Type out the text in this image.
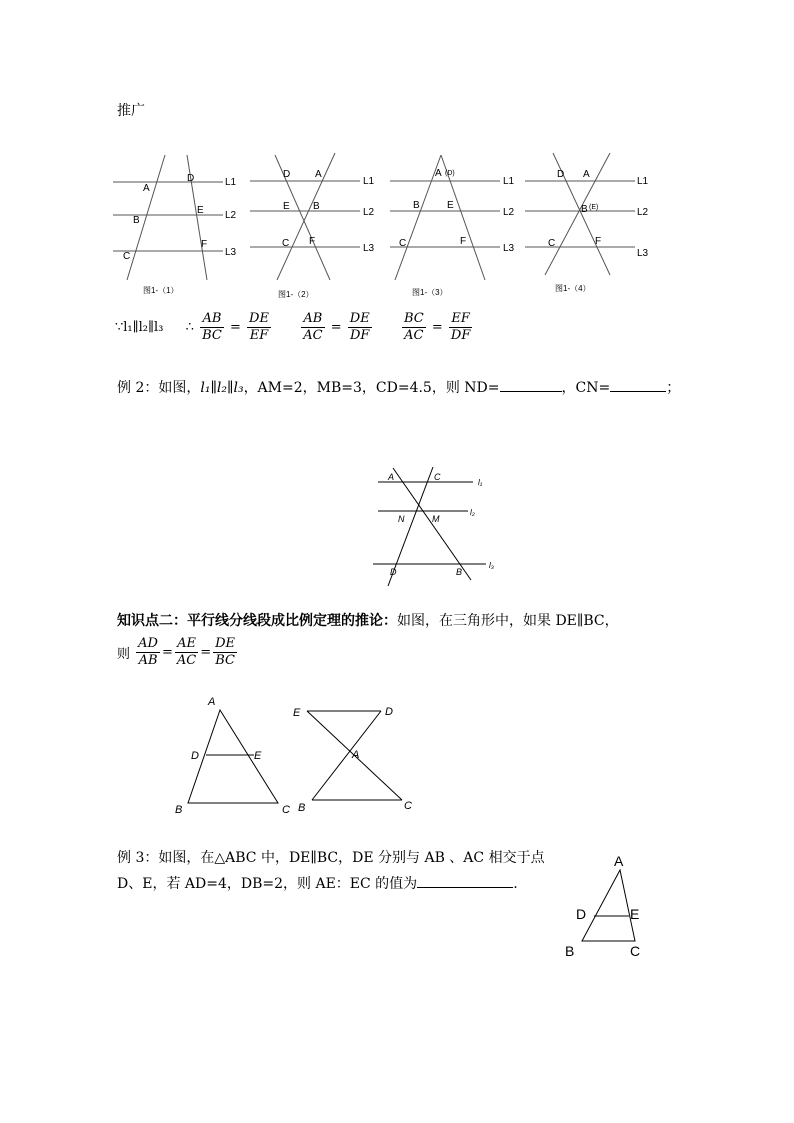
推广
A
B
C
D
E
F
L1
L2
L3
D A
E B
C F
L1
L2
L3
A (D)
B	E
C	F
L1
L2
L3
D A
B (E)
C	F
L1
L2
L3
图1-（1）	图1-（2）	图1-（3）	图1-（4）
∵l₁∥l₂∥l₃ ∴ $\frac{AB}{BC} = \frac{DE}{EF}$
$\frac{AB}{AC} = \frac{DE}{DF}$
$\frac{BC}{AC} = \frac{EF}{DF}$
例 2：如图，l₁∥l₂∥l₃，AM=2，MB=3，CD=4.5，则 ND=	，CN=	；
A	C
N	M
D	B
l₁
l₂
l₃
知识点二：平行线分线段成比例定理的推论：如图，在三角形中，如果 DE∥BC，
则 $\frac{AD}{AB} = \frac{AE}{AC} = \frac{DE}{BC}$
A
D	E
B	C
E	D
A
B	C
例 3：如图，在△ABC 中，DE∥BC，DE 分别与 AB 、AC 相交于点
D、E，若 AD=4，DB=2，则 AE：EC 的值为	.
A
D	E
B	C
